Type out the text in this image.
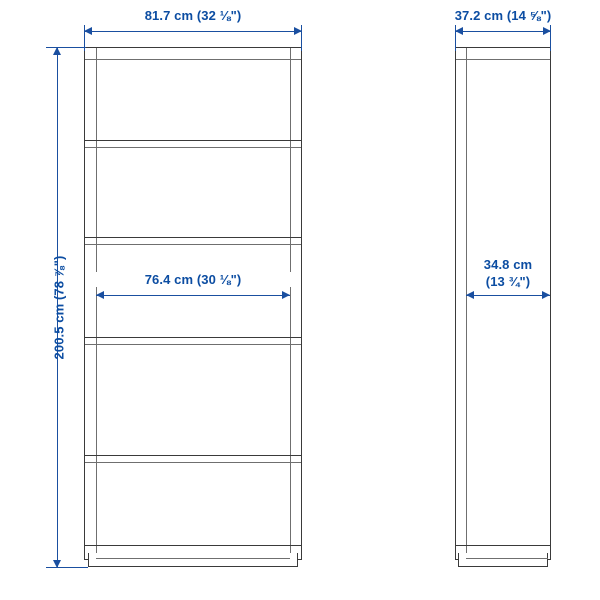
81.7 cm (32 ⅛")
200.5 cm (78 ⅞")	76.4 cm (30 ⅛")
37.2 cm (14 ⅝")
34.8 cm
(13 ¾")
